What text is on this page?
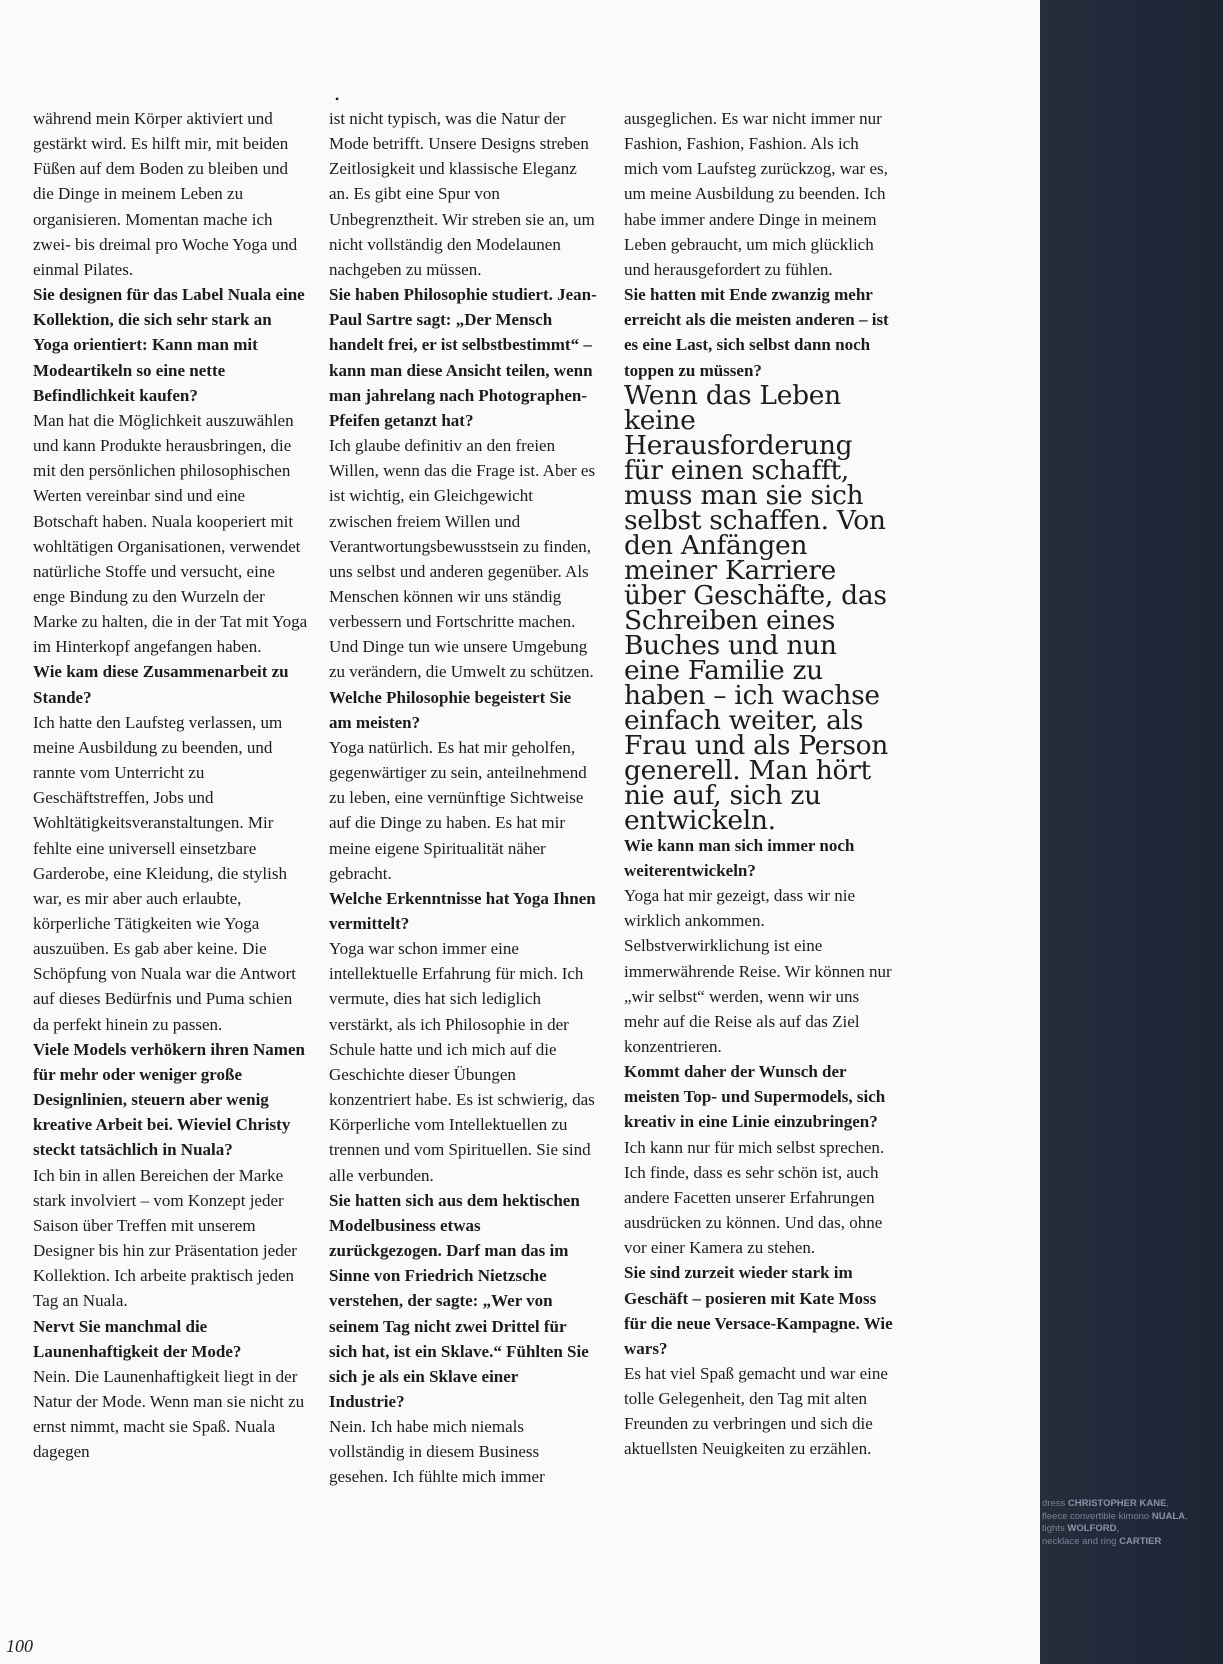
•

während mein Körper aktiviert und gestärkt wird. Es hilft mir, mit beiden Füßen auf dem Boden zu bleiben und die Dinge in meinem Leben zu organisieren. Momentan mache ich zwei- bis dreimal pro Woche Yoga und einmal Pilates.

Sie designen für das Label Nuala eine Kollektion, die sich sehr stark an Yoga orientiert: Kann man mit Modeartikeln so eine nette Befindlichkeit kaufen?

Man hat die Möglichkeit auszuwählen und kann Produkte herausbringen, die mit den persönlichen philosophischen Werten vereinbar sind und eine Botschaft haben. Nuala kooperiert mit wohltätigen Organisationen, verwendet natürliche Stoffe und versucht, eine enge Bindung zu den Wurzeln der Marke zu halten, die in der Tat mit Yoga im Hinterkopf angefangen haben.

Wie kam diese Zusammenarbeit zu Stande?

Ich hatte den Laufsteg verlassen, um meine Ausbildung zu beenden, und rannte vom Unterricht zu Geschäftstreffen, Jobs und Wohltätigkeitsveranstaltungen. Mir fehlte eine universell einsetzbare Garderobe, eine Kleidung, die stylish war, es mir aber auch erlaubte, körperliche Tätigkeiten wie Yoga auszuüben. Es gab aber keine. Die Schöpfung von Nuala war die Antwort auf dieses Bedürfnis und Puma schien da perfekt hinein zu passen.

Viele Models verhökern ihren Namen für mehr oder weniger große Designlinien, steuern aber wenig kreative Arbeit bei. Wieviel Christy steckt tatsächlich in Nuala?

Ich bin in allen Bereichen der Marke stark involviert – vom Konzept jeder Saison über Treffen mit unserem Designer bis hin zur Präsentation jeder Kollektion. Ich arbeite praktisch jeden Tag an Nuala.

Nervt Sie manchmal die Launenhaftigkeit der Mode?

Nein. Die Launenhaftigkeit liegt in der Natur der Mode. Wenn man sie nicht zu ernst nimmt, macht sie Spaß. Nuala dagegen

ist nicht typisch, was die Natur der Mode betrifft. Unsere Designs streben Zeitlosigkeit und klassische Eleganz an. Es gibt eine Spur von Unbegrenztheit. Wir streben sie an, um nicht vollständig den Modelaunen nachgeben zu müssen.

Sie haben Philosophie studiert. Jean-Paul Sartre sagt: „Der Mensch handelt frei, er ist selbstbestimmt“ – kann man diese Ansicht teilen, wenn man jahrelang nach Photographen-Pfeifen getanzt hat?

Ich glaube definitiv an den freien Willen, wenn das die Frage ist. Aber es ist wichtig, ein Gleichgewicht zwischen freiem Willen und Verantwortungsbewusstsein zu finden, uns selbst und anderen gegenüber. Als Menschen können wir uns ständig verbessern und Fortschritte machen. Und Dinge tun wie unsere Umgebung zu verändern, die Umwelt zu schützen.

Welche Philosophie begeistert Sie am meisten?

Yoga natürlich. Es hat mir geholfen, gegenwärtiger zu sein, anteilnehmend zu leben, eine vernünftige Sichtweise auf die Dinge zu haben. Es hat mir meine eigene Spiritualität näher gebracht.

Welche Erkenntnisse hat Yoga Ihnen vermittelt?

Yoga war schon immer eine intellektuelle Erfahrung für mich. Ich vermute, dies hat sich lediglich verstärkt, als ich Philosophie in der Schule hatte und ich mich auf die Geschichte dieser Übungen konzentriert habe. Es ist schwierig, das Körperliche vom Intellektuellen zu trennen und vom Spirituellen. Sie sind alle verbunden.

Sie hatten sich aus dem hektischen Modelbusiness etwas zurückgezogen. Darf man das im Sinne von Friedrich Nietzsche verstehen, der sagte: „Wer von seinem Tag nicht zwei Drittel für sich hat, ist ein Sklave.“ Fühlten Sie sich je als ein Sklave einer Industrie?

Nein. Ich habe mich niemals vollständig in diesem Business gesehen. Ich fühlte mich immer

ausgeglichen. Es war nicht immer nur Fashion, Fashion, Fashion. Als ich mich vom Laufsteg zurückzog, war es, um meine Ausbildung zu beenden. Ich habe immer andere Dinge in meinem Leben gebraucht, um mich glücklich und herausgefordert zu fühlen.

Sie hatten mit Ende zwanzig mehr erreicht als die meisten anderen – ist es eine Last, sich selbst dann noch toppen zu müssen?

Wenn das Leben keine Herausforderung für einen schafft, muss man sie sich selbst schaffen. Von den Anfängen meiner Karriere über Geschäfte, das Schreiben eines Buches und nun eine Familie zu haben – ich wachse einfach weiter, als Frau und als Person generell. Man hört nie auf, sich zu entwickeln.

Wie kann man sich immer noch weiterentwickeln?

Yoga hat mir gezeigt, dass wir nie wirklich ankommen. Selbstverwirklichung ist eine immerwährende Reise. Wir können nur „wir selbst“ werden, wenn wir uns mehr auf die Reise als auf das Ziel konzentrieren.

Kommt daher der Wunsch der meisten Top- und Supermodels, sich kreativ in eine Linie einzubringen?

Ich kann nur für mich selbst sprechen. Ich finde, dass es sehr schön ist, auch andere Facetten unserer Erfahrungen ausdrücken zu können. Und das, ohne vor einer Kamera zu stehen.

Sie sind zurzeit wieder stark im Geschäft – posieren mit Kate Moss für die neue Versace-Kampagne. Wie wars?

Es hat viel Spaß gemacht und war eine tolle Gelegenheit, den Tag mit alten Freunden zu verbringen und sich die aktuellsten Neuigkeiten zu erzählen.

100
dress CHRISTOPHER KANE,
fleece convertible kimono NUALA,
tights WOLFORD,
necklace and ring CARTIER
